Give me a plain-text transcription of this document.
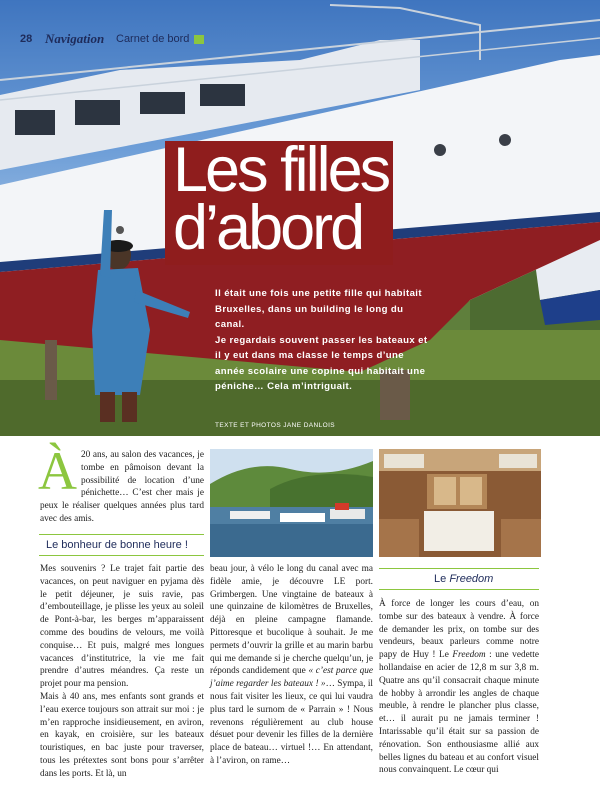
28 Navigation Carnet de bord
Les filles
d’abord

Il était une fois une petite fille qui habitait Bruxelles, dans un building le long du canal.

Je regardais souvent passer les bateaux et il y eut dans ma classe le temps d’une année scolaire une copine qui habitait une péniche… Cela m’intriguait.

TEXTE ET PHOTOS JANE DANLOIS
À 20 ans, au salon des vacances, je tombe en pâmoison devant la possibilité de location d’une pénichette… C’est cher mais je peux le réaliser quelques années plus tard avec des amis.

Le bonheur de bonne heure !

Mes souvenirs ? Le trajet fait partie des vacances, on peut naviguer en pyjama dès le petit déjeuner, je suis ravie, pas d’embouteillage, je plisse les yeux au soleil de Pont-à-bar, les berges m’apparaissent comme des boudins de velours, me voilà conquise… Et puis, malgré mes longues vacances d’institutrice, la vie me fait prendre d’autres méandres. Ça reste un projet pour ma pension.

Mais à 40 ans, mes enfants sont grands et l’eau exerce toujours son attrait sur moi : je m’en rapproche insidieusement, en aviron, en kayak, en croisière, sur les bateaux touristiques, en bac juste pour traverser, tous les prétextes sont bons pour s’arrêter dans les ports. Et là, un

beau jour, à vélo le long du canal avec ma fidèle amie, je découvre LE port. Grimbergen. Une vingtaine de bateaux à une quinzaine de kilomètres de Bruxelles, déjà en pleine campagne flamande. Pittoresque et bucolique à souhait. Je me permets d’ouvrir la grille et au marin barbu qui me demande si je cherche quelqu’un, je réponds candidement que « c’est parce que j’aime regarder les bateaux ! »… Sympa, il nous fait visiter les lieux, ce qui lui vaudra plus tard le surnom de « Parrain » ! Nous revenons régulièrement au club house désuet pour devenir les filles de la dernière place de bateau… virtuel !… En attendant, à l’aviron, on rame…

Le Freedom

À force de longer les cours d’eau, on tombe sur des bateaux à vendre. À force de demander les prix, on tombe sur des vendeurs, beaux parleurs comme notre papy de Huy ! Le Freedom : une vedette hollandaise en acier de 12,8 m sur 3,8 m. Quatre ans qu’il consacrait chaque minute de hobby à arrondir les angles de chaque meuble, à rendre le plancher plus classe, et… il aurait pu ne jamais terminer ! Intarissable qu’il était sur sa passion de rénovation. Son enthousiasme allié aux belles lignes du bateau et au confort visuel nous convainquent. Le cœur qui
